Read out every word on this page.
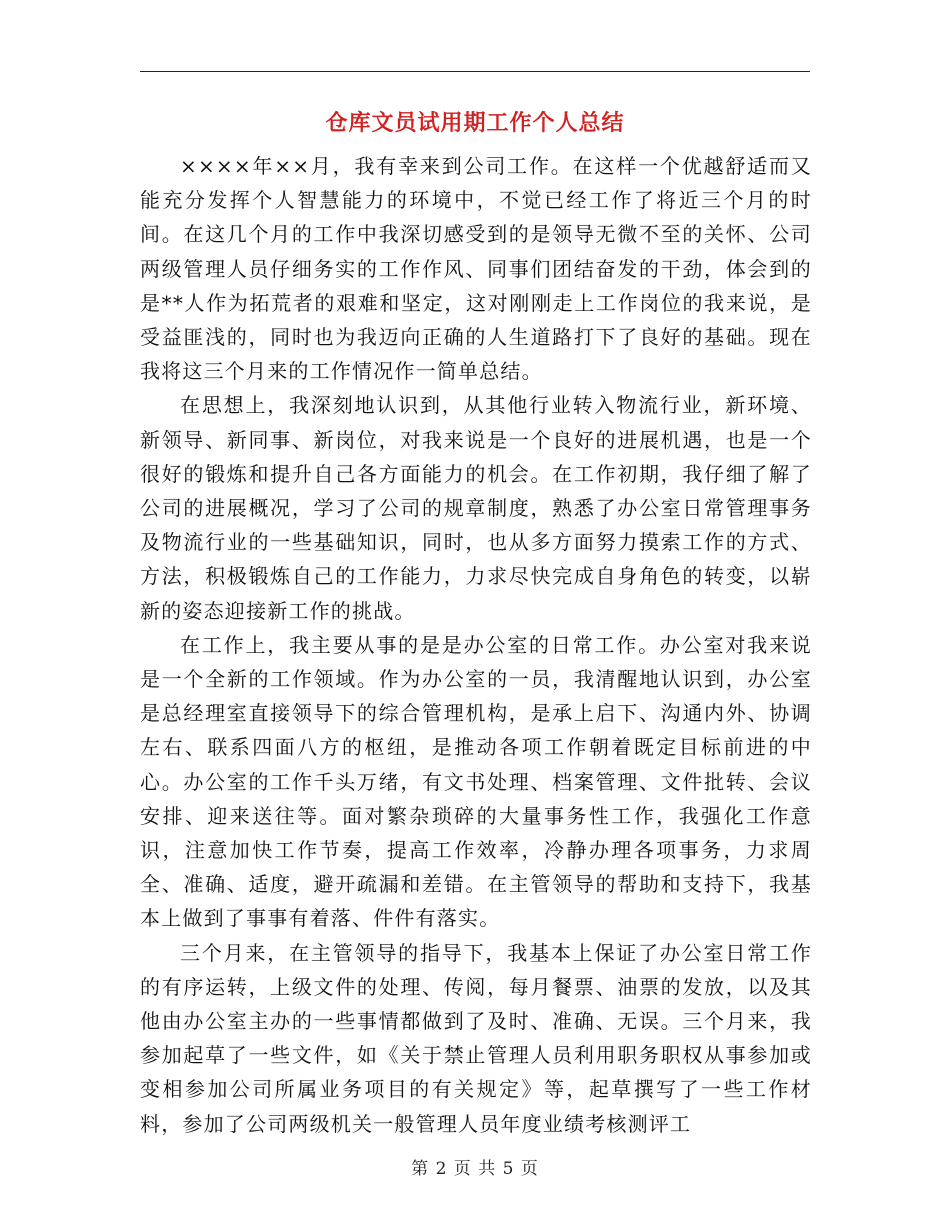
仓库文员试用期工作个人总结

××××年××月，我有幸来到公司工作。在这样一个优越舒适而又能充分发挥个人智慧能力的环境中，不觉已经工作了将近三个月的时间。在这几个月的工作中我深切感受到的是领导无微不至的关怀、公司两级管理人员仔细务实的工作作风、同事们团结奋发的干劲，体会到的是**人作为拓荒者的艰难和坚定，这对刚刚走上工作岗位的我来说，是受益匪浅的，同时也为我迈向正确的人生道路打下了良好的基础。现在我将这三个月来的工作情况作一简单总结。

在思想上，我深刻地认识到，从其他行业转入物流行业，新环境、新领导、新同事、新岗位，对我来说是一个良好的进展机遇，也是一个很好的锻炼和提升自己各方面能力的机会。在工作初期，我仔细了解了公司的进展概况，学习了公司的规章制度，熟悉了办公室日常管理事务及物流行业的一些基础知识，同时，也从多方面努力摸索工作的方式、方法，积极锻炼自己的工作能力，力求尽快完成自身角色的转变，以崭新的姿态迎接新工作的挑战。

在工作上，我主要从事的是是办公室的日常工作。办公室对我来说是一个全新的工作领域。作为办公室的一员，我清醒地认识到，办公室是总经理室直接领导下的综合管理机构，是承上启下、沟通内外、协调左右、联系四面八方的枢纽，是推动各项工作朝着既定目标前进的中心。办公室的工作千头万绪，有文书处理、档案管理、文件批转、会议安排、迎来送往等。面对繁杂琐碎的大量事务性工作，我强化工作意识，注意加快工作节奏，提高工作效率，冷静办理各项事务，力求周全、准确、适度，避开疏漏和差错。在主管领导的帮助和支持下，我基本上做到了事事有着落、件件有落实。

三个月来，在主管领导的指导下，我基本上保证了办公室日常工作的有序运转，上级文件的处理、传阅，每月餐票、油票的发放，以及其他由办公室主办的一些事情都做到了及时、准确、无误。三个月来，我参加起草了一些文件，如《关于禁止管理人员利用职务职权从事参加或变相参加公司所属业务项目的有关规定》等，起草撰写了一些工作材料，参加了公司两级机关一般管理人员年度业绩考核测评工

第 2 页 共 5 页
